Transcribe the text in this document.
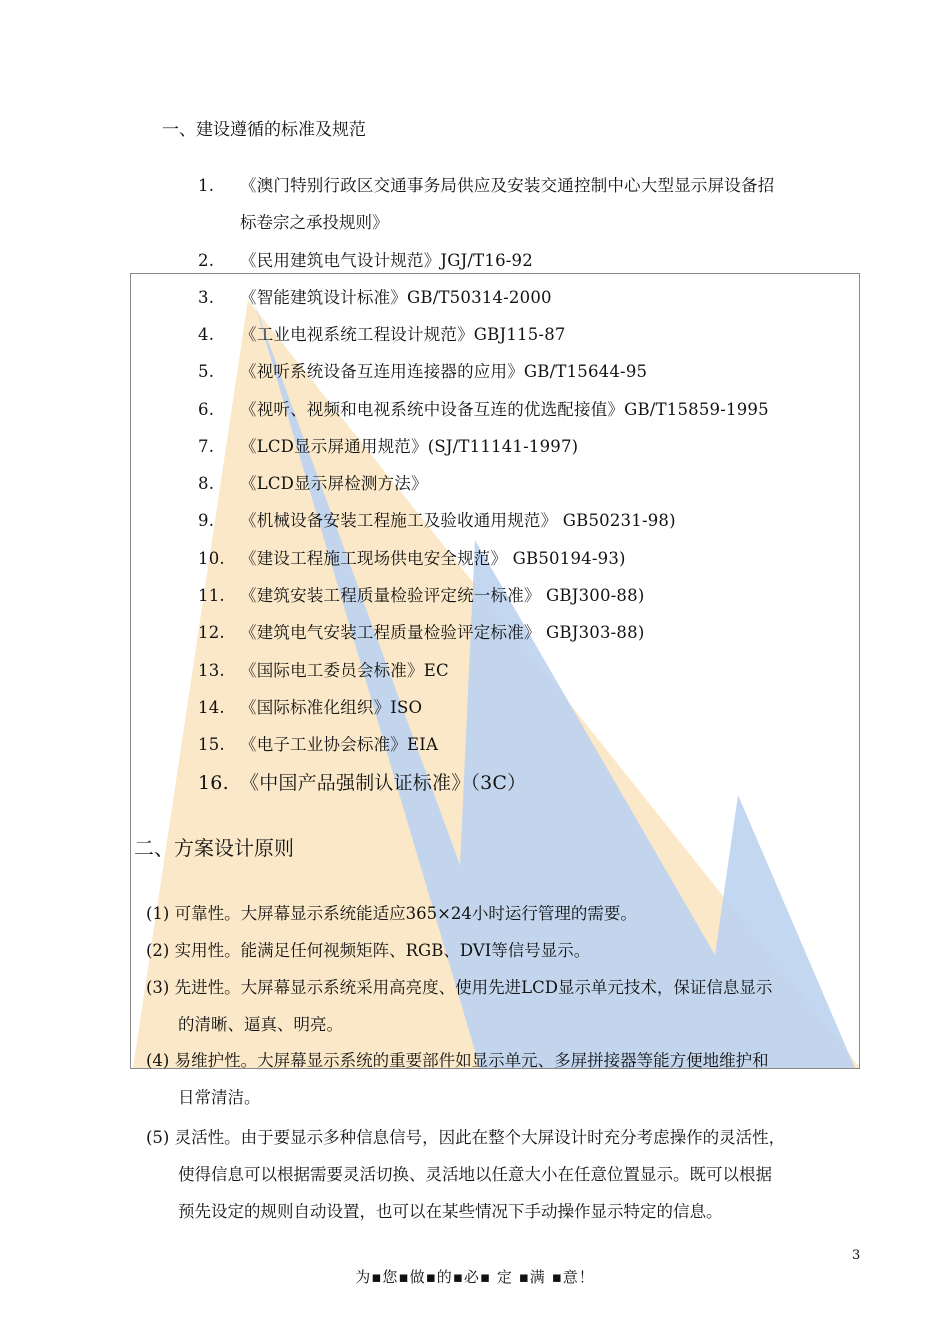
一、建设遵循的标准及规范
1. 《澳门特别行政区交通事务局供应及安装交通控制中心大型显示屏设备招
标卷宗之承投规则》
2. 《民用建筑电气设计规范》JGJ/T16-92
3. 《智能建筑设计标准》GB/T50314-2000
4. 《工业电视系统工程设计规范》GBJ115-87
5. 《视听系统设备互连用连接器的应用》GB/T15644-95
6. 《视听、视频和电视系统中设备互连的优选配接值》GB/T15859-1995
7. 《LCD显示屏通用规范》(SJ/T11141-1997)
8. 《LCD显示屏检测方法》
9. 《机械设备安装工程施工及验收通用规范》 GB50231-98)
10. 《建设工程施工现场供电安全规范》 GB50194-93)
11. 《建筑安装工程质量检验评定统一标准》 GBJ300-88)
12. 《建筑电气安装工程质量检验评定标准》 GBJ303-88)
13. 《国际电工委员会标准》EC
14. 《国际标准化组织》ISO
15. 《电子工业协会标准》EIA
16. 《中国产品强制认证标准》（3C）
二、方案设计原则
(1) 可靠性。大屏幕显示系统能适应365×24小时运行管理的需要。
(2) 实用性。能满足任何视频矩阵、RGB、DVI等信号显示。
(3) 先进性。大屏幕显示系统采用高亮度、使用先进LCD显示单元技术，保证信息显示
的清晰、逼真、明亮。
(4) 易维护性。大屏幕显示系统的重要部件如显示单元、多屏拼接器等能方便地维护和
日常清洁。
(5) 灵活性。由于要显示多种信息信号，因此在整个大屏设计时充分考虑操作的灵活性，
使得信息可以根据需要灵活切换、灵活地以任意大小在任意位置显示。既可以根据
预先设定的规则自动设置，也可以在某些情况下手动操作显示特定的信息。
3
为▪您▪做▪的▪必▪ 定 ▪满 ▪意！
